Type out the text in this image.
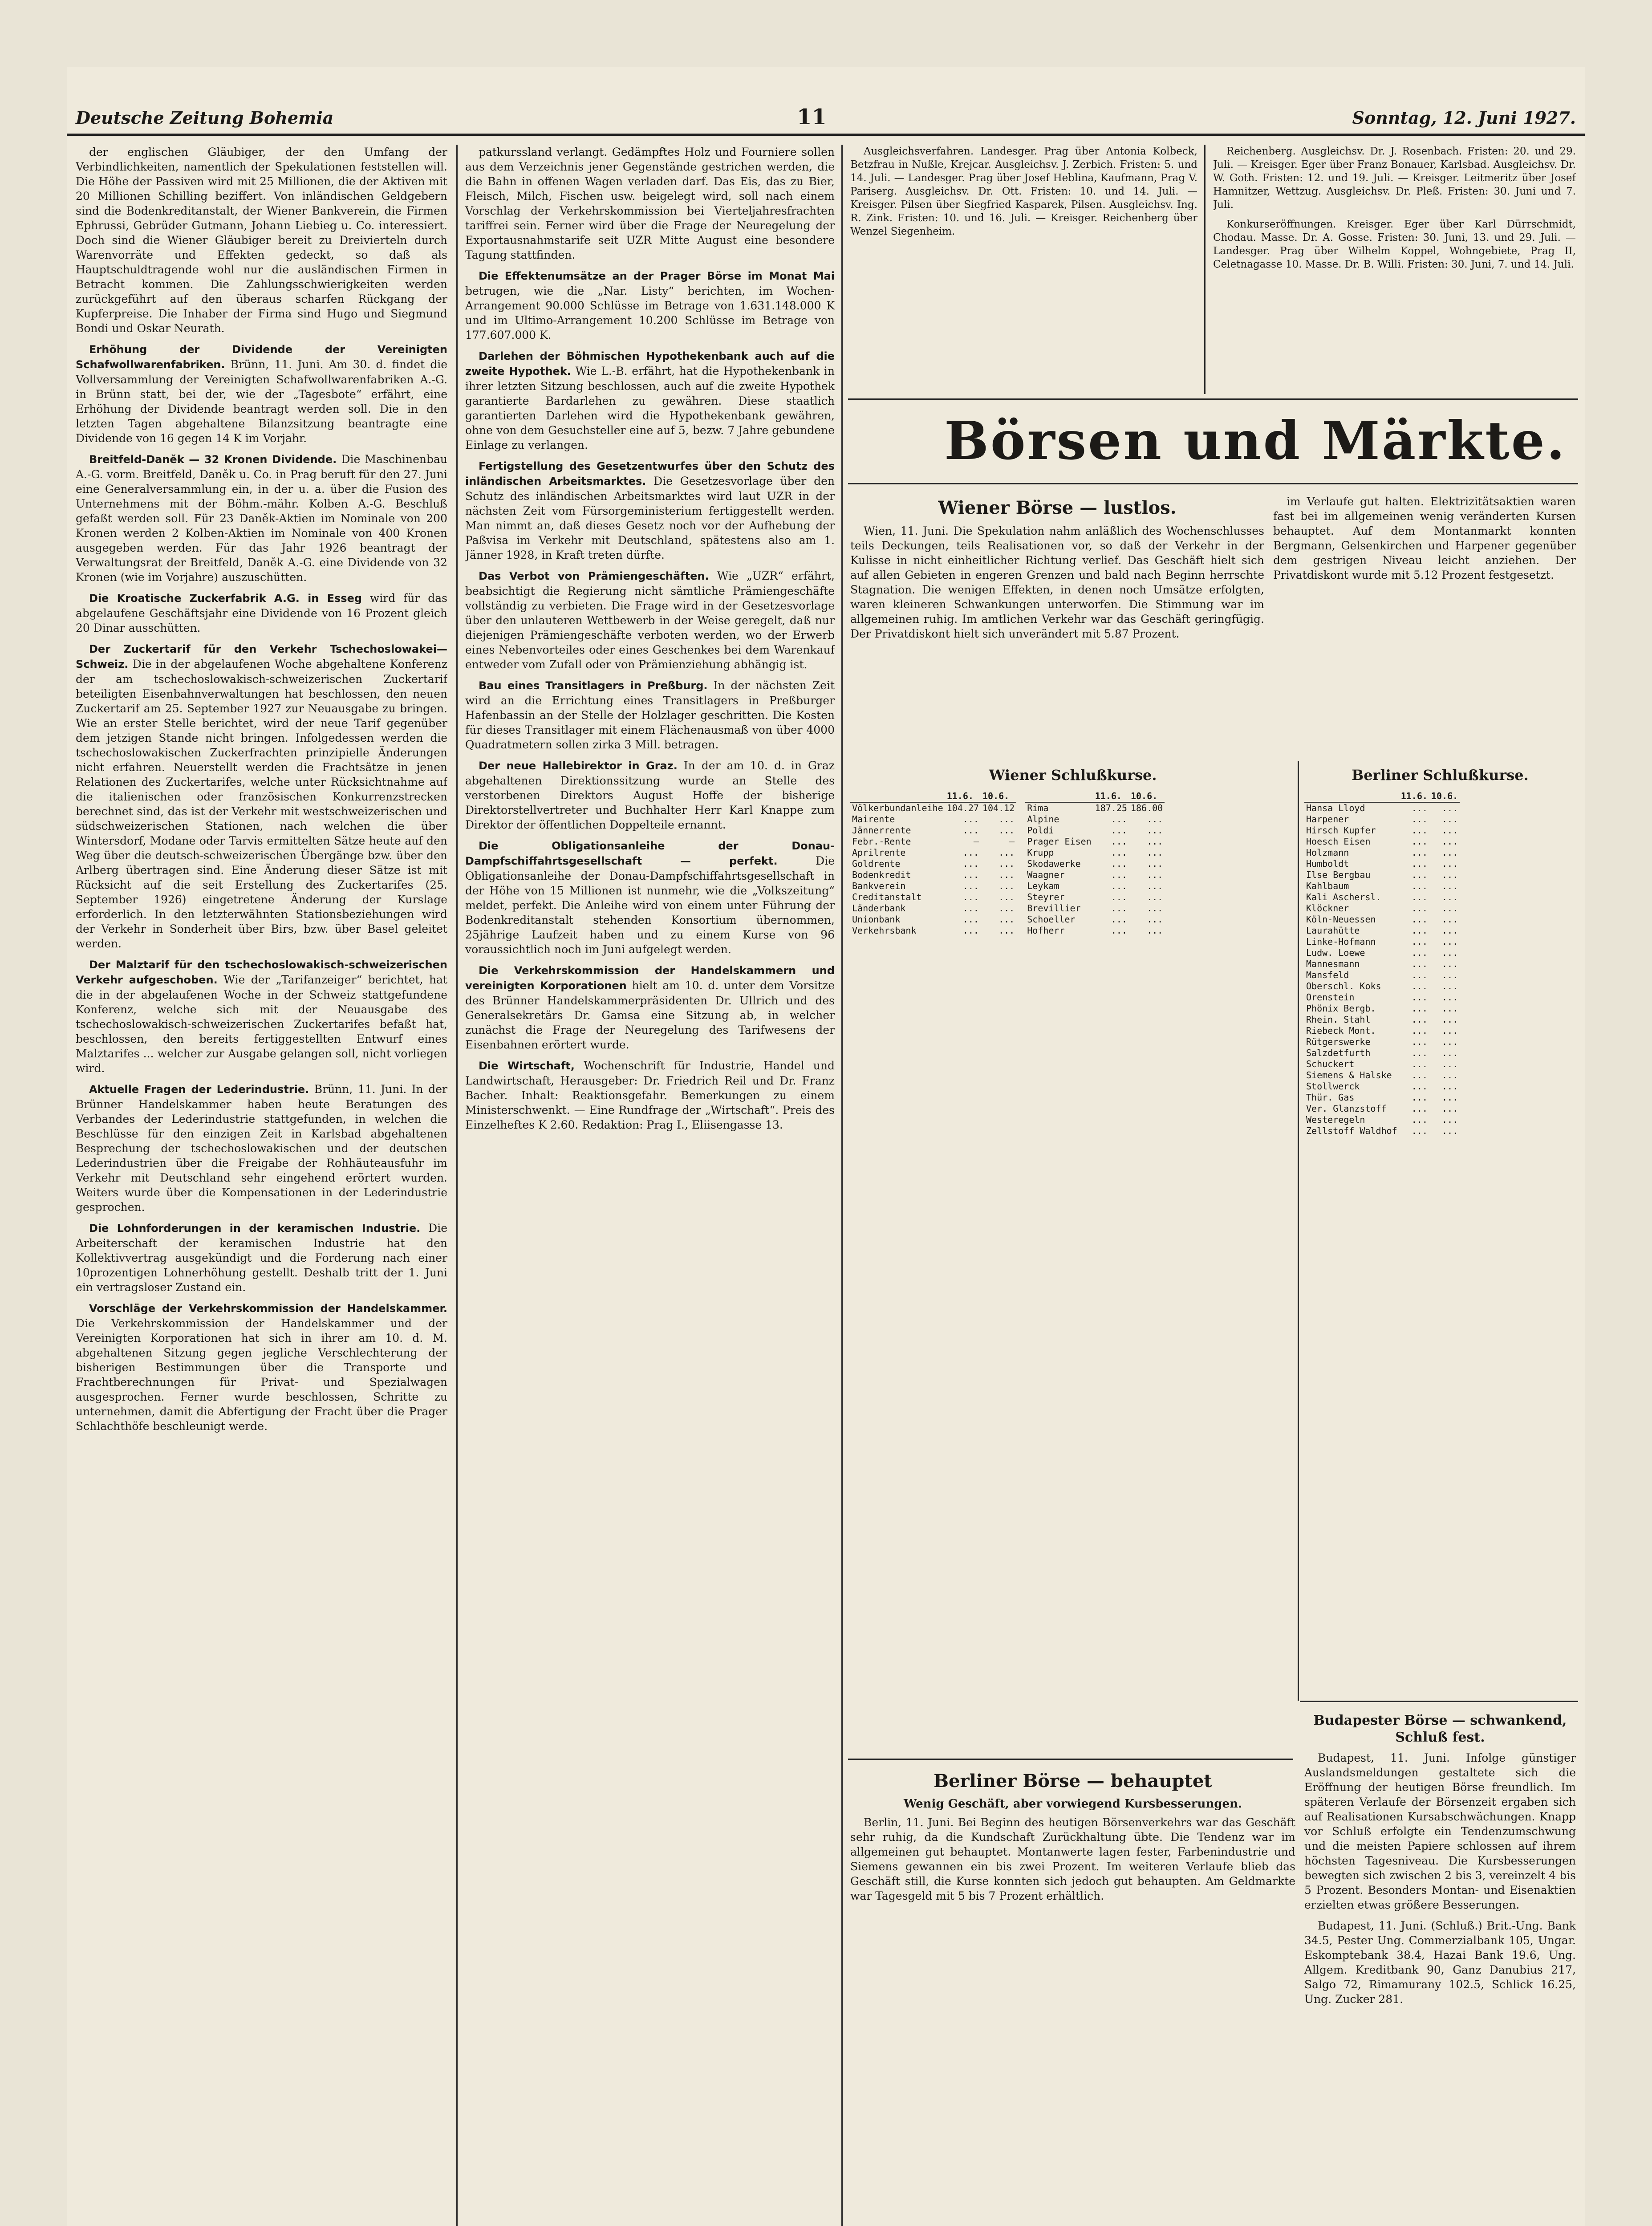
Deutsche Zeitung Bohemia	11	Sonntag, 12. Juni 1927.

der englischen Gläubiger, der den Umfang der Verbindlichkeiten, namentlich der Spekulationen feststellen will. Die Höhe der Passiven wird mit 25 Millionen, die der Aktiven mit 20 Millionen Schilling beziffert. Von inländischen Geldgebern sind die Bodenkreditanstalt, der Wiener Bankverein, die Firmen Ephrussi, Gebrüder Gutmann, Johann Liebieg u. Co. interessiert. Doch sind die Wiener Gläubiger bereit zu Dreivierteln durch Warenvorräte und Effekten gedeckt, so daß als Hauptschuldtragende wohl nur die ausländischen Firmen in Betracht kommen. Die Zahlungsschwierigkeiten werden zurückgeführt auf den überaus scharfen Rückgang der Kupferpreise. Die Inhaber der Firma sind Hugo und Siegmund Bondi und Oskar Neurath.

Erhöhung der Dividende der Vereinigten Schafwollwarenfabriken. Brünn, 11. Juni. Am 30. d. findet die Vollversammlung der Vereinigten Schafwollwarenfabriken A.-G. in Brünn statt, bei der, wie der „Tagesbote“ erfährt, eine Erhöhung der Dividende beantragt werden soll. Die in den letzten Tagen abgehaltene Bilanzsitzung beantragte eine Dividende von 16 gegen 14 K im Vorjahr.

Breitfeld-Daněk — 32 Kronen Dividende. Die Maschinenbau A.-G. vorm. Breitfeld, Daněk u. Co. in Prag beruft für den 27. Juni eine Generalversammlung ein, in der u. a. über die Fusion des Unternehmens mit der Böhm.-mähr. Kolben A.-G. Beschluß gefaßt werden soll. Für 23 Daněk-Aktien im Nominale von 200 Kronen werden 2 Kolben-Aktien im Nominale von 400 Kronen ausgegeben werden. Für das Jahr 1926 beantragt der Verwaltungsrat der Breitfeld, Daněk A.-G. eine Dividende von 32 Kronen (wie im Vorjahre) auszuschütten.

Die Kroatische Zuckerfabrik A.G. in Esseg wird für das abgelaufene Geschäftsjahr eine Dividende von 16 Prozent gleich 20 Dinar ausschütten.

Der Zuckertarif für den Verkehr Tschechoslowakei—Schweiz. Die in der abgelaufenen Woche abgehaltene Konferenz der am tschechoslowakisch-schweizerischen Zuckertarif beteiligten Eisenbahnverwaltungen hat beschlossen, den neuen Zuckertarif am 25. September 1927 zur Neuausgabe zu bringen. Wie an erster Stelle berichtet, wird der neue Tarif gegenüber dem jetzigen Stande nicht bringen. Infolgedessen werden die tschechoslowakischen Zuckerfrachten prinzipielle Änderungen nicht erfahren. Neuerstellt werden die Frachtsätze in jenen Relationen des Zuckertarifes, welche unter Rücksichtnahme auf die italienischen oder französischen Konkurrenzstrecken berechnet sind, das ist der Verkehr mit westschweizerischen und südschweizerischen Stationen, nach welchen die über Wintersdorf, Modane oder Tarvis ermittelten Sätze heute auf den Weg über die deutsch-schweizerischen Übergänge bzw. über den Arlberg übertragen sind. Eine Änderung dieser Sätze ist mit Rücksicht auf die seit Erstellung des Zuckertarifes (25. September 1926) eingetretene Änderung der Kurslage erforderlich. In den letzterwähnten Stationsbeziehungen wird der Verkehr in Sonderheit über Birs, bzw. über Basel geleitet werden.

Der Malztarif für den tschechoslowakisch-schweizerischen Verkehr aufgeschoben. Wie der „Tarifanzeiger“ berichtet, hat die in der abgelaufenen Woche in der Schweiz stattgefundene Konferenz, welche sich mit der Neuausgabe des tschechoslowakisch-schweizerischen Zuckertarifes befaßt hat, beschlossen, den bereits fertiggestellten Entwurf eines Malztarifes ... welcher zur Ausgabe gelangen soll, nicht vorliegen wird.

Aktuelle Fragen der Lederindustrie. Brünn, 11. Juni. In der Brünner Handelskammer haben heute Beratungen des Verbandes der Lederindustrie stattgefunden, in welchen die Beschlüsse für den einzigen Zeit in Karlsbad abgehaltenen Besprechung der tschechoslowakischen und der deutschen Lederindustrien über die Freigabe der Rohhäuteausfuhr im Verkehr mit Deutschland sehr eingehend erörtert wurden. Weiters wurde über die Kompensationen in der Lederindustrie gesprochen.

Die Lohnforderungen in der keramischen Industrie. Die Arbeiterschaft der keramischen Industrie hat den Kollektivvertrag ausgekündigt und die Forderung nach einer 10prozentigen Lohnerhöhung gestellt. Deshalb tritt der 1. Juni ein vertragsloser Zustand ein.

Vorschläge der Verkehrskommission der Handelskammer. Die Verkehrskommission der Handelskammer und der Vereinigten Korporationen hat sich in ihrer am 10. d. M. abgehaltenen Sitzung gegen jegliche Verschlechterung der bisherigen Bestimmungen über die Transporte und Frachtberechnungen für Privat- und Spezialwagen ausgesprochen. Ferner wurde beschlossen, Schritte zu unternehmen, damit die Abfertigung der Fracht über die Prager Schlachthöfe beschleunigt werde.

patkurssland verlangt. Gedämpftes Holz und Fourniere sollen aus dem Verzeichnis jener Gegenstände gestrichen werden, die die Bahn in offenen Wagen verladen darf. Das Eis, das zu Bier, Fleisch, Milch, Fischen usw. beigelegt wird, soll nach einem Vorschlag der Verkehrskommission bei Vierteljahresfrachten tariffrei sein. Ferner wird über die Frage der Neuregelung der Exportausnahmstarife seit UZR Mitte August eine besondere Tagung stattfinden.

Die Effektenumsätze an der Prager Börse im Monat Mai betrugen, wie die „Nar. Listy“ berichten, im Wochen-Arrangement 90.000 Schlüsse im Betrage von 1.631.148.000 K und im Ultimo-Arrangement 10.200 Schlüsse im Betrage von 177.607.000 K.

Darlehen der Böhmischen Hypothekenbank auch auf die zweite Hypothek. Wie L.-B. erfährt, hat die Hypothekenbank in ihrer letzten Sitzung beschlossen, auch auf die zweite Hypothek garantierte Bardarlehen zu gewähren. Diese staatlich garantierten Darlehen wird die Hypothekenbank gewähren, ohne von dem Gesuchsteller eine auf 5, bezw. 7 Jahre gebundene Einlage zu verlangen.

Fertigstellung des Gesetzentwurfes über den Schutz des inländischen Arbeitsmarktes. Die Gesetzesvorlage über den Schutz des inländischen Arbeitsmarktes wird laut UZR in der nächsten Zeit vom Fürsorgeministerium fertiggestellt werden. Man nimmt an, daß dieses Gesetz noch vor der Aufhebung der Paßvisa im Verkehr mit Deutschland, spätestens also am 1. Jänner 1928, in Kraft treten dürfte.

Das Verbot von Prämiengeschäften. Wie „UZR“ erfährt, beabsichtigt die Regierung nicht sämtliche Prämiengeschäfte vollständig zu verbieten. Die Frage wird in der Gesetzesvorlage über den unlauteren Wettbewerb in der Weise geregelt, daß nur diejenigen Prämiengeschäfte verboten werden, wo der Erwerb eines Nebenvorteiles oder eines Geschenkes bei dem Warenkauf entweder vom Zufall oder von Prämienziehung abhängig ist.

Bau eines Transitlagers in Preßburg. In der nächsten Zeit wird an die Errichtung eines Transitlagers in Preßburger Hafenbassin an der Stelle der Holzlager geschritten. Die Kosten für dieses Transitlager mit einem Flächenausmaß von über 4000 Quadratmetern sollen zirka 3 Mill. betragen.

Der neue Hallebirektor in Graz. In der am 10. d. in Graz abgehaltenen Direktionssitzung wurde an Stelle des verstorbenen Direktors August Hoffe der bisherige Direktorstellvertreter und Buchhalter Herr Karl Knappe zum Direktor der öffentlichen Doppelteile ernannt.

Die Obligationsanleihe der Donau-Dampfschiffahrtsgesellschaft — perfekt.	Die Obligationsanleihe der Donau-Dampfschiffahrtsgesellschaft in der Höhe von 15 Millionen ist nunmehr, wie die „Volkszeitung“ meldet, perfekt. Die Anleihe wird von einem unter Führung der Bodenkreditanstalt stehenden Konsortium übernommen, 25jährige Laufzeit haben und zu einem Kurse von 96 voraussichtlich noch im Juni aufgelegt werden.

Die Verkehrskommission der Handelskammern und vereinigten Korporationen hielt am 10. d. unter dem Vorsitze des Brünner Handelskammerpräsidenten Dr. Ullrich und des Generalsekretärs Dr. Gamsa eine Sitzung ab, in welcher zunächst die Frage der Neuregelung des Tarifwesens der Eisenbahnen erörtert wurde.

Die Wirtschaft, Wochenschrift für Industrie, Handel und Landwirtschaft, Herausgeber: Dr. Friedrich Reil und Dr. Franz Bacher. Inhalt: Reaktionsgefahr. Bemerkungen zu einem Ministerschwenkt. — Eine Rundfrage der „Wirtschaft“. Preis des Einzelheftes K 2.60. Redaktion: Prag I., Eliisengasse 13.

Ausgleichsverfahren. Landesger. Prag über Antonia Kolbeck, Betzfrau in Nußle, Krejcar. Ausgleichsv. J. Zerbich. Fristen: 5. und 14. Juli. — Landesger. Prag über Josef Heblina, Kaufmann, Prag V. Pariserg. Ausgleichsv. Dr. Ott. Fristen: 10. und 14. Juli. — Kreisger. Pilsen über Siegfried Kasparek, Pilsen. Ausgleichsv. Ing. R. Zink. Fristen: 10. und 16. Juli. — Kreisger. Reichenberg über Wenzel Siegenheim.

Reichenberg. Ausgleichsv. Dr. J. Rosenbach. Fristen: 20. und 29. Juli. — Kreisger. Eger über Franz Bonauer, Karlsbad. Ausgleichsv. Dr. W. Goth. Fristen: 12. und 19. Juli. — Kreisger. Leitmeritz über Josef Hamnitzer, Wettzug. Ausgleichsv. Dr. Pleß. Fristen: 30. Juni und 7. Juli.

Konkurseröffnungen. Kreisger. Eger über Karl Dürrschmidt, Chodau. Masse. Dr. A. Gosse. Fristen: 30. Juni, 13. und 29. Juli. — Landesger. Prag über Wilhelm Koppel, Wohngebiete, Prag II, Celetnagasse 10. Masse. Dr. B. Willi. Fristen: 30. Juni, 7. und 14. Juli.

Börsen und Märkte.
Wiener Börse — lustlos.

Wien, 11. Juni. Die Spekulation nahm anläßlich des Wochenschlusses teils Deckungen, teils Realisationen vor, so daß der Verkehr in der Kulisse in nicht einheitlicher Richtung verlief. Das Geschäft hielt sich auf allen Gebieten in engeren Grenzen und bald nach Beginn herrschte Stagnation. Die wenigen Effekten, in denen noch Umsätze erfolgten, waren kleineren Schwankungen unterworfen. Die Stimmung war im allgemeinen ruhig. Im amtlichen Verkehr war das Geschäft geringfügig. Der Privatdiskont hielt sich unverändert mit 5.87 Prozent.

im Verlaufe gut halten. Elektrizitätsaktien waren fast bei im allgemeinen wenig veränderten Kursen behauptet. Auf dem Montanmarkt konnten Bergmann, Gelsenkirchen und Harpener gegenüber dem gestrigen Niveau leicht anziehen. Der Privatdiskont wurde mit 5.12 Prozent festgesetzt.

Wiener Schlußkurse.
	11.6.	10.6.
Völkerbundanleihe	104.27	104.12
Mairente	...	...
Jännerrente	...	...
Febr.-Rente	—	—
Aprilrente	...	...
Goldrente	...	...
Bodenkredit	...	...
Bankverein	...	...
Creditanstalt	...	...
Länderbank	...	...
Unionbank	...	...
Verkehrsbank	...	...
	11.6.	10.6.
Rima	187.25	186.00
Alpine	...	...
Poldi	...	...
Prager Eisen	...	...
Krupp	...	...
Skodawerke	...	...
Waagner	...	...
Leykam	...	...
Steyrer	...	...
Brevillier	...	...
Schoeller	...	...
Hofherr	...	...
Berliner Schlußkurse.
	11.6.	10.6.
Hansa Lloyd	...	...
Harpener	...	...
Hirsch Kupfer	...	...
Hoesch Eisen	...	...
Holzmann	...	...
Humboldt	...	...
Ilse Bergbau	...	...
Kahlbaum	...	...
Kali Aschersl.	...	...
Klöckner	...	...
Köln-Neuessen	...	...
Laurahütte	...	...
Linke-Hofmann	...	...
Ludw. Loewe	...	...
Mannesmann	...	...
Mansfeld	...	...
Oberschl. Koks	...	...
Orenstein	...	...
Phönix Bergb.	...	...
Rhein. Stahl	...	...
Riebeck Mont.	...	...
Rütgerswerke	...	...
Salzdetfurth	...	...
Schuckert	...	...
Siemens & Halske	...	...
Stollwerck	...	...
Thür. Gas	...	...
Ver. Glanzstoff	...	...
Westeregeln	...	...
Zellstoff Waldhof	...	...
Budapester Börse — schwankend, Schluß fest.

Budapest, 11. Juni. Infolge günstiger Auslandsmeldungen gestaltete sich die Eröffnung der heutigen Börse freundlich. Im späteren Verlaufe der Börsenzeit ergaben sich auf Realisationen Kursabschwächungen. Knapp vor Schluß erfolgte ein Tendenzumschwung und die meisten Papiere schlossen auf ihrem höchsten Tagesniveau. Die Kursbesserungen bewegten sich zwischen 2 bis 3, vereinzelt 4 bis 5 Prozent. Besonders Montan- und Eisenaktien erzielten etwas größere Besserungen.

Budapest, 11. Juni. (Schluß.) Brit.-Ung. Bank 34.5, Pester Ung. Commerzialbank 105, Ungar. Eskomptebank 38.4, Hazai Bank 19.6, Ung. Allgem. Kreditbank 90, Ganz Danubius 217, Salgo 72, Rimamurany 102.5, Schlick 16.25, Ung. Zucker 281.

Berliner Börse — behauptet
Wenig Geschäft, aber vorwiegend Kursbesserungen.

Berlin, 11. Juni. Bei Beginn des heutigen Börsenverkehrs war das Geschäft sehr ruhig, da die Kundschaft Zurückhaltung übte. Die Tendenz war im allgemeinen gut behauptet. Montanwerte lagen fester, Farbenindustrie und Siemens gewannen ein bis zwei Prozent. Im weiteren Verlaufe blieb das Geschäft still, die Kurse konnten sich jedoch gut behaupten. Am Geldmarkte war Tagesgeld mit 5 bis 7 Prozent erhältlich.
